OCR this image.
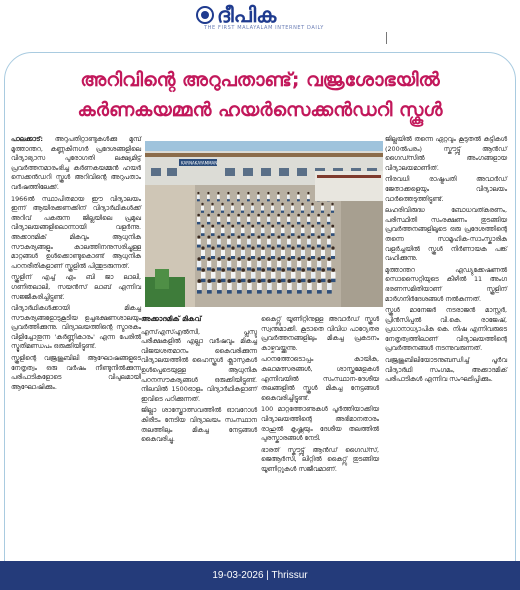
ദീപിക
THE FIRST MALAYALAM INTERNET DAILY
അറിവിന്റെ അറുപതാണ്ട്; വജ്രശോഭയിൽ
കർണകയമ്മൻ ഹയർസെക്കൻഡറി സ്കൂൾ

പാലക്കാട്: അറുപതിറ്റാണ്ടുകൾക്കു മുമ്പ് മൂത്താന്തറ, കണ്ണകിനഗർ പ്രദേശങ്ങളിലെ വിദ്യാഭ്യാസ പുരോഗതി ലക്ഷ്യമിട്ട് പ്രവർത്തനമാരംഭിച്ച കർണകയമ്മൻ ഹയർ സെക്കൻഡറി സ്കൂൾ അറിവിന്റെ അറുപതാം വർഷത്തിലേക്ക്.

1966ൽ സ്ഥാപിതമായ ഈ വിദ്യാലയം ഇന്ന് ആയിരക്കണക്കിന് വിദ്യാർഥികൾക്ക് അറിവ് പകരുന്ന ജില്ലയിലെ പ്രമുഖ വിദ്യാലയങ്ങളിലൊന്നായി വളർന്നു. അക്കാദമിക് മികവും ആധുനിക സൗകര്യങ്ങളും കാലത്തിനനുസരിച്ചുള്ള മാറ്റങ്ങൾ ഉൾക്കൊണ്ടുകൊണ്ട് ആധുനിക പഠനരീതികളാണ് സ്കൂളിൽ പിന്തുടരുന്നത്.

സ്കൂളിന് എച്ച്‌ എം ബി ജാ ലാലി, ഗണിതലാലി, സയൻസ് ലാബ് എന്നിവ സജ്ജീകരിച്ചിട്ടുണ്ട്.

വിദ്യാർഥികൾക്കായി മികച്ച സൗകര്യങ്ങളോടുകൂടിയ ഉച്ചഭക്ഷണശാലയും പ്രവർത്തിക്കുന്നു. വിദ്യാലയത്തിന്റെ സ്മാരകം വിളിച്ചോതുന്ന 'കർണ്ണികാരം' എന്ന പേരിൽ സ്മൃതിമണ്ഡപം ഒരുക്കിയിട്ടുണ്ട്.

സ്കൂളിന്റെ വജ്രജൂബിലി ആഘോഷങ്ങളുടെ നേതൃത്വം ഒരു വർഷം നീണ്ടുനിൽക്കുന്ന പരിപാടികളോടെ വിപുലമായി ആഘോഷിക്കും.

KARNAKAYAMMAN
അക്കാദമിക് മികവ്

എസ്എസ്എൽസി, പ്ലസ്ടു പരീക്ഷകളിൽ എല്ലാ വർഷവും മികച്ച വിജയശതമാനം കൈവരിക്കുന്ന വിദ്യാലയത്തിൽ ഹൈസ്കൂൾ ക്ലാസുകൾ ഉൾപ്പെടെയുള്ള ആധുനിക പഠനസൗകര്യങ്ങൾ ഒരുക്കിയിട്ടുണ്ട്. നിലവിൽ 1500ഓളം വിദ്യാർഥികളാണ് ഇവിടെ പഠിക്കുന്നത്.

ജില്ലാ ശാസ്ത്രോത്സവത്തിൽ ഓവറോൾ കിരീടം നേടിയ വിദ്യാലയം സംസ്ഥാന തലത്തിലും മികച്ച നേട്ടങ്ങൾ കൈവരിച്ചു.

കൈറ്റ്സ് യൂണിറ്റിനുള്ള അവാർഡ് സ്കൂൾ സ്വന്തമാക്കി. കൂടാതെ വിവിധ പാഠ്യേതര പ്രവർത്തനങ്ങളിലും മികച്ച പ്രകടനം കാഴ്ചവയ്ക്കുന്നു.

പഠനത്തോടൊപ്പം കായിക, കലാമത്സരങ്ങൾ, ശാസ്ത്രമേളകൾ എന്നിവയിൽ സംസ്ഥാന-ദേശീയ തലങ്ങളിൽ സ്കൂൾ മികച്ച നേട്ടങ്ങൾ കൈവരിച്ചിട്ടുണ്ട്.

100 മാറ്റത്തോണുകൾ പൂർത്തിയാക്കിയ വിദ്യാലയത്തിന്റെ അഭിമാനതാരം രാഹുൽ കൃഷ്ണയും ദേശീയ തലത്തിൽ പുരസ്കാരങ്ങൾ നേടി.

ഭാരത് സ്കൗട്ട്സ് ആൻഡ് ഗൈഡ്സ്, ജെആർസി, ലിറ്റിൽ കൈറ്റ്സ് തുടങ്ങിയ യൂണിറ്റുകൾ സജീവമാണ്.

ജില്ലയിൽ തന്നെ ഏറ്റവും കൂടുതൽ കുട്ടികൾ (200ൽപരം) സ്കൗട്ട്സ് ആൻഡ് ഗൈഡ്സിൽ അംഗങ്ങളായ വിദ്യാലയമാണിത്.

നിരവധി രാഷ്ട്രപതി അവാർഡ് ജേതാക്കളെയും വിദ്യാലയം വാർത്തെടുത്തിട്ടുണ്ട്.

ലഹരിവിരുദ്ധ ബോധവത്കരണം, പരിസ്ഥിതി സംരക്ഷണം തുടങ്ങിയ പ്രവർത്തനങ്ങളിലൂടെ ഒരു പ്രദേശത്തിന്റെ തന്നെ സാമൂഹിക-സാംസ്കാരിക വളർച്ചയിൽ സ്കൂൾ നിർണായക പങ്ക് വഹിക്കുന്നു.

മുത്താന്തറ എഡ്യുക്കേഷണൽ സൊസൈറ്റിയുടെ കീഴിൽ 11 അംഗ ഭരണസമിതിയാണ് സ്കൂളിന് മാർഗനിർദേശങ്ങൾ നൽകുന്നത്.

സ്കൂൾ മാനേജർ നടരാജൻ മാസ്റ്റർ, പ്രിൻസിപ്പൽ വി.കെ. രാജേഷ്, പ്രധാനാധ്യാപിക കെ. നിഷ എന്നിവരുടെ നേതൃത്വത്തിലാണ് വിദ്യാലയത്തിന്റെ പ്രവർത്തനങ്ങൾ നടന്നുവരുന്നത്.

വജ്രജൂബിലിയോടനുബന്ധിച്ച് പൂർവ വിദ്യാർഥി സംഗമം, അക്കാദമിക് പരിപാടികൾ എന്നിവ സംഘടിപ്പിക്കും.

19-03-2026 | Thrissur
